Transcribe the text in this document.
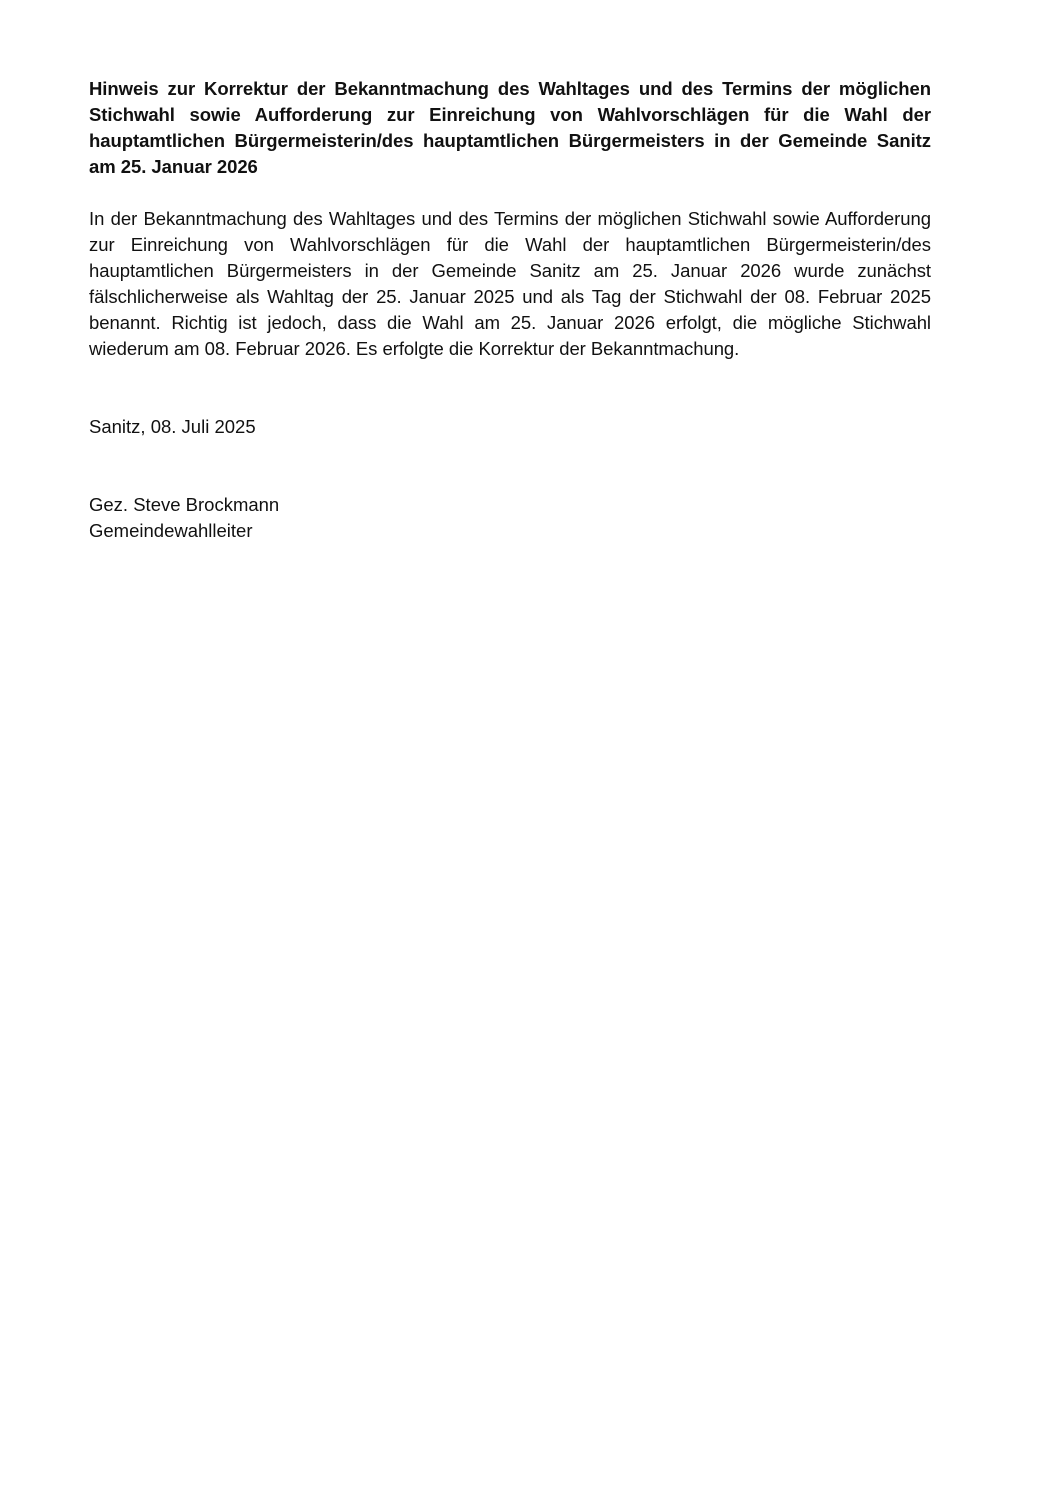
Hinweis zur Korrektur der Bekanntmachung des Wahltages und des Termins der möglichen Stichwahl sowie Aufforderung zur Einreichung von Wahlvorschlägen für die Wahl der hauptamtlichen Bürgermeisterin/des hauptamtlichen Bürgermeisters in der Gemeinde Sanitz am 25. Januar 2026

In der Bekanntmachung des Wahltages und des Termins der möglichen Stichwahl sowie Aufforderung zur Einreichung von Wahlvorschlägen für die Wahl der hauptamtlichen Bürgermeisterin/des hauptamtlichen Bürgermeisters in der Gemeinde Sanitz am 25. Januar 2026 wurde zunächst fälschlicherweise als Wahltag der 25. Januar 2025 und als Tag der Stichwahl der 08. Februar 2025 benannt. Richtig ist jedoch, dass die Wahl am 25. Januar 2026 erfolgt, die mögliche Stichwahl wiederum am 08. Februar 2026. Es erfolgte die Korrektur der Bekanntmachung.

Sanitz, 08. Juli 2025

Gez. Steve Brockmann
Gemeindewahlleiter
